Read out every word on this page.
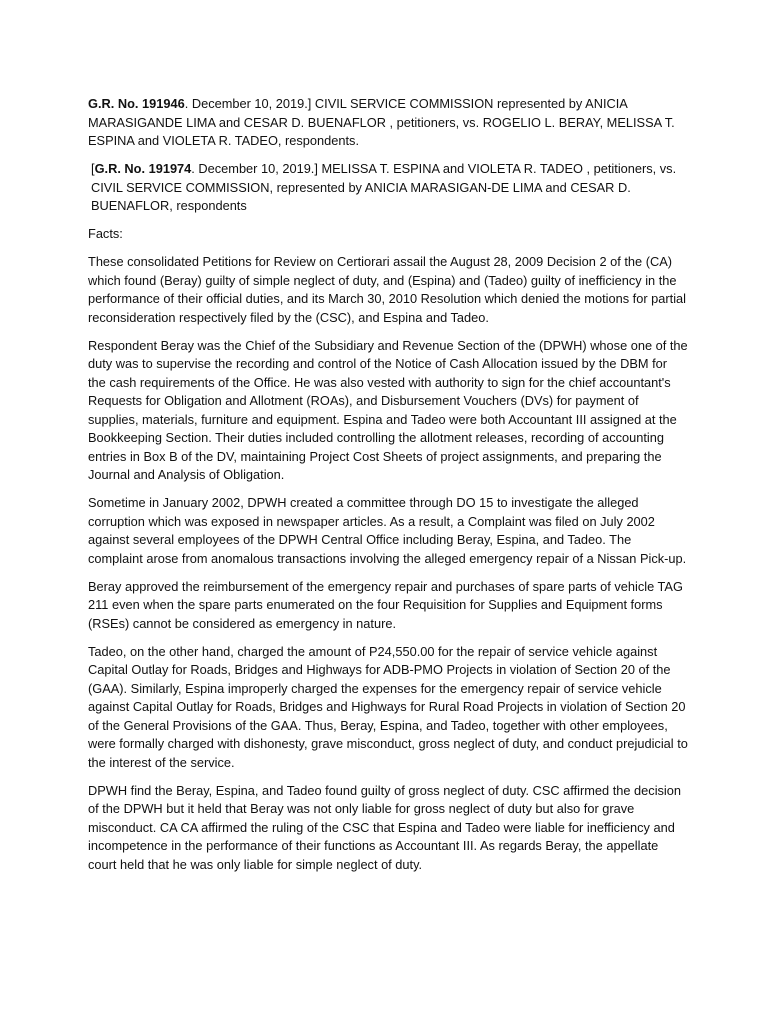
G.R. No. 191946. December 10, 2019.] CIVIL SERVICE COMMISSION represented by ANICIA MARASIGANDE LIMA and CESAR D. BUENAFLOR , petitioners, vs. ROGELIO L. BERAY, MELISSA T. ESPINA and VIOLETA R. TADEO, respondents.

[G.R. No. 191974. December 10, 2019.] MELISSA T. ESPINA and VIOLETA R. TADEO , petitioners, vs. CIVIL SERVICE COMMISSION, represented by ANICIA MARASIGAN-DE LIMA and CESAR D. BUENAFLOR, respondents

Facts:

These consolidated Petitions for Review on Certiorari assail the August 28, 2009 Decision 2 of the (CA) which found (Beray) guilty of simple neglect of duty, and (Espina) and (Tadeo) guilty of inefficiency in the performance of their official duties, and its March 30, 2010 Resolution which denied the motions for partial reconsideration respectively filed by the (CSC), and Espina and Tadeo.

Respondent Beray was the Chief of the Subsidiary and Revenue Section of the (DPWH) whose one of the duty was to supervise the recording and control of the Notice of Cash Allocation issued by the DBM for the cash requirements of the Office. He was also vested with authority to sign for the chief accountant's Requests for Obligation and Allotment (ROAs), and Disbursement Vouchers (DVs) for payment of supplies, materials, furniture and equipment. Espina and Tadeo were both Accountant III assigned at the Bookkeeping Section. Their duties included controlling the allotment releases, recording of accounting entries in Box B of the DV, maintaining Project Cost Sheets of project assignments, and preparing the Journal and Analysis of Obligation.

Sometime in January 2002, DPWH created a committee through DO 15 to investigate the alleged corruption which was exposed in newspaper articles. As a result, a Complaint was filed on July 2002 against several employees of the DPWH Central Office including Beray, Espina, and Tadeo. The complaint arose from anomalous transactions involving the alleged emergency repair of a Nissan Pick-up.

Beray approved the reimbursement of the emergency repair and purchases of spare parts of vehicle TAG 211 even when the spare parts enumerated on the four Requisition for Supplies and Equipment forms (RSEs) cannot be considered as emergency in nature.

Tadeo, on the other hand, charged the amount of P24,550.00 for the repair of service vehicle against Capital Outlay for Roads, Bridges and Highways for ADB-PMO Projects in violation of Section 20 of the (GAA). Similarly, Espina improperly charged the expenses for the emergency repair of service vehicle against Capital Outlay for Roads, Bridges and Highways for Rural Road Projects in violation of Section 20 of the General Provisions of the GAA. Thus, Beray, Espina, and Tadeo, together with other employees, were formally charged with dishonesty, grave misconduct, gross neglect of duty, and conduct prejudicial to the interest of the service.

DPWH find the Beray, Espina, and Tadeo found guilty of gross neglect of duty. CSC affirmed the decision of the DPWH but it held that Beray was not only liable for gross neglect of duty but also for grave misconduct. CA CA affirmed the ruling of the CSC that Espina and Tadeo were liable for inefficiency and incompetence in the performance of their functions as Accountant III. As regards Beray, the appellate court held that he was only liable for simple neglect of duty.
